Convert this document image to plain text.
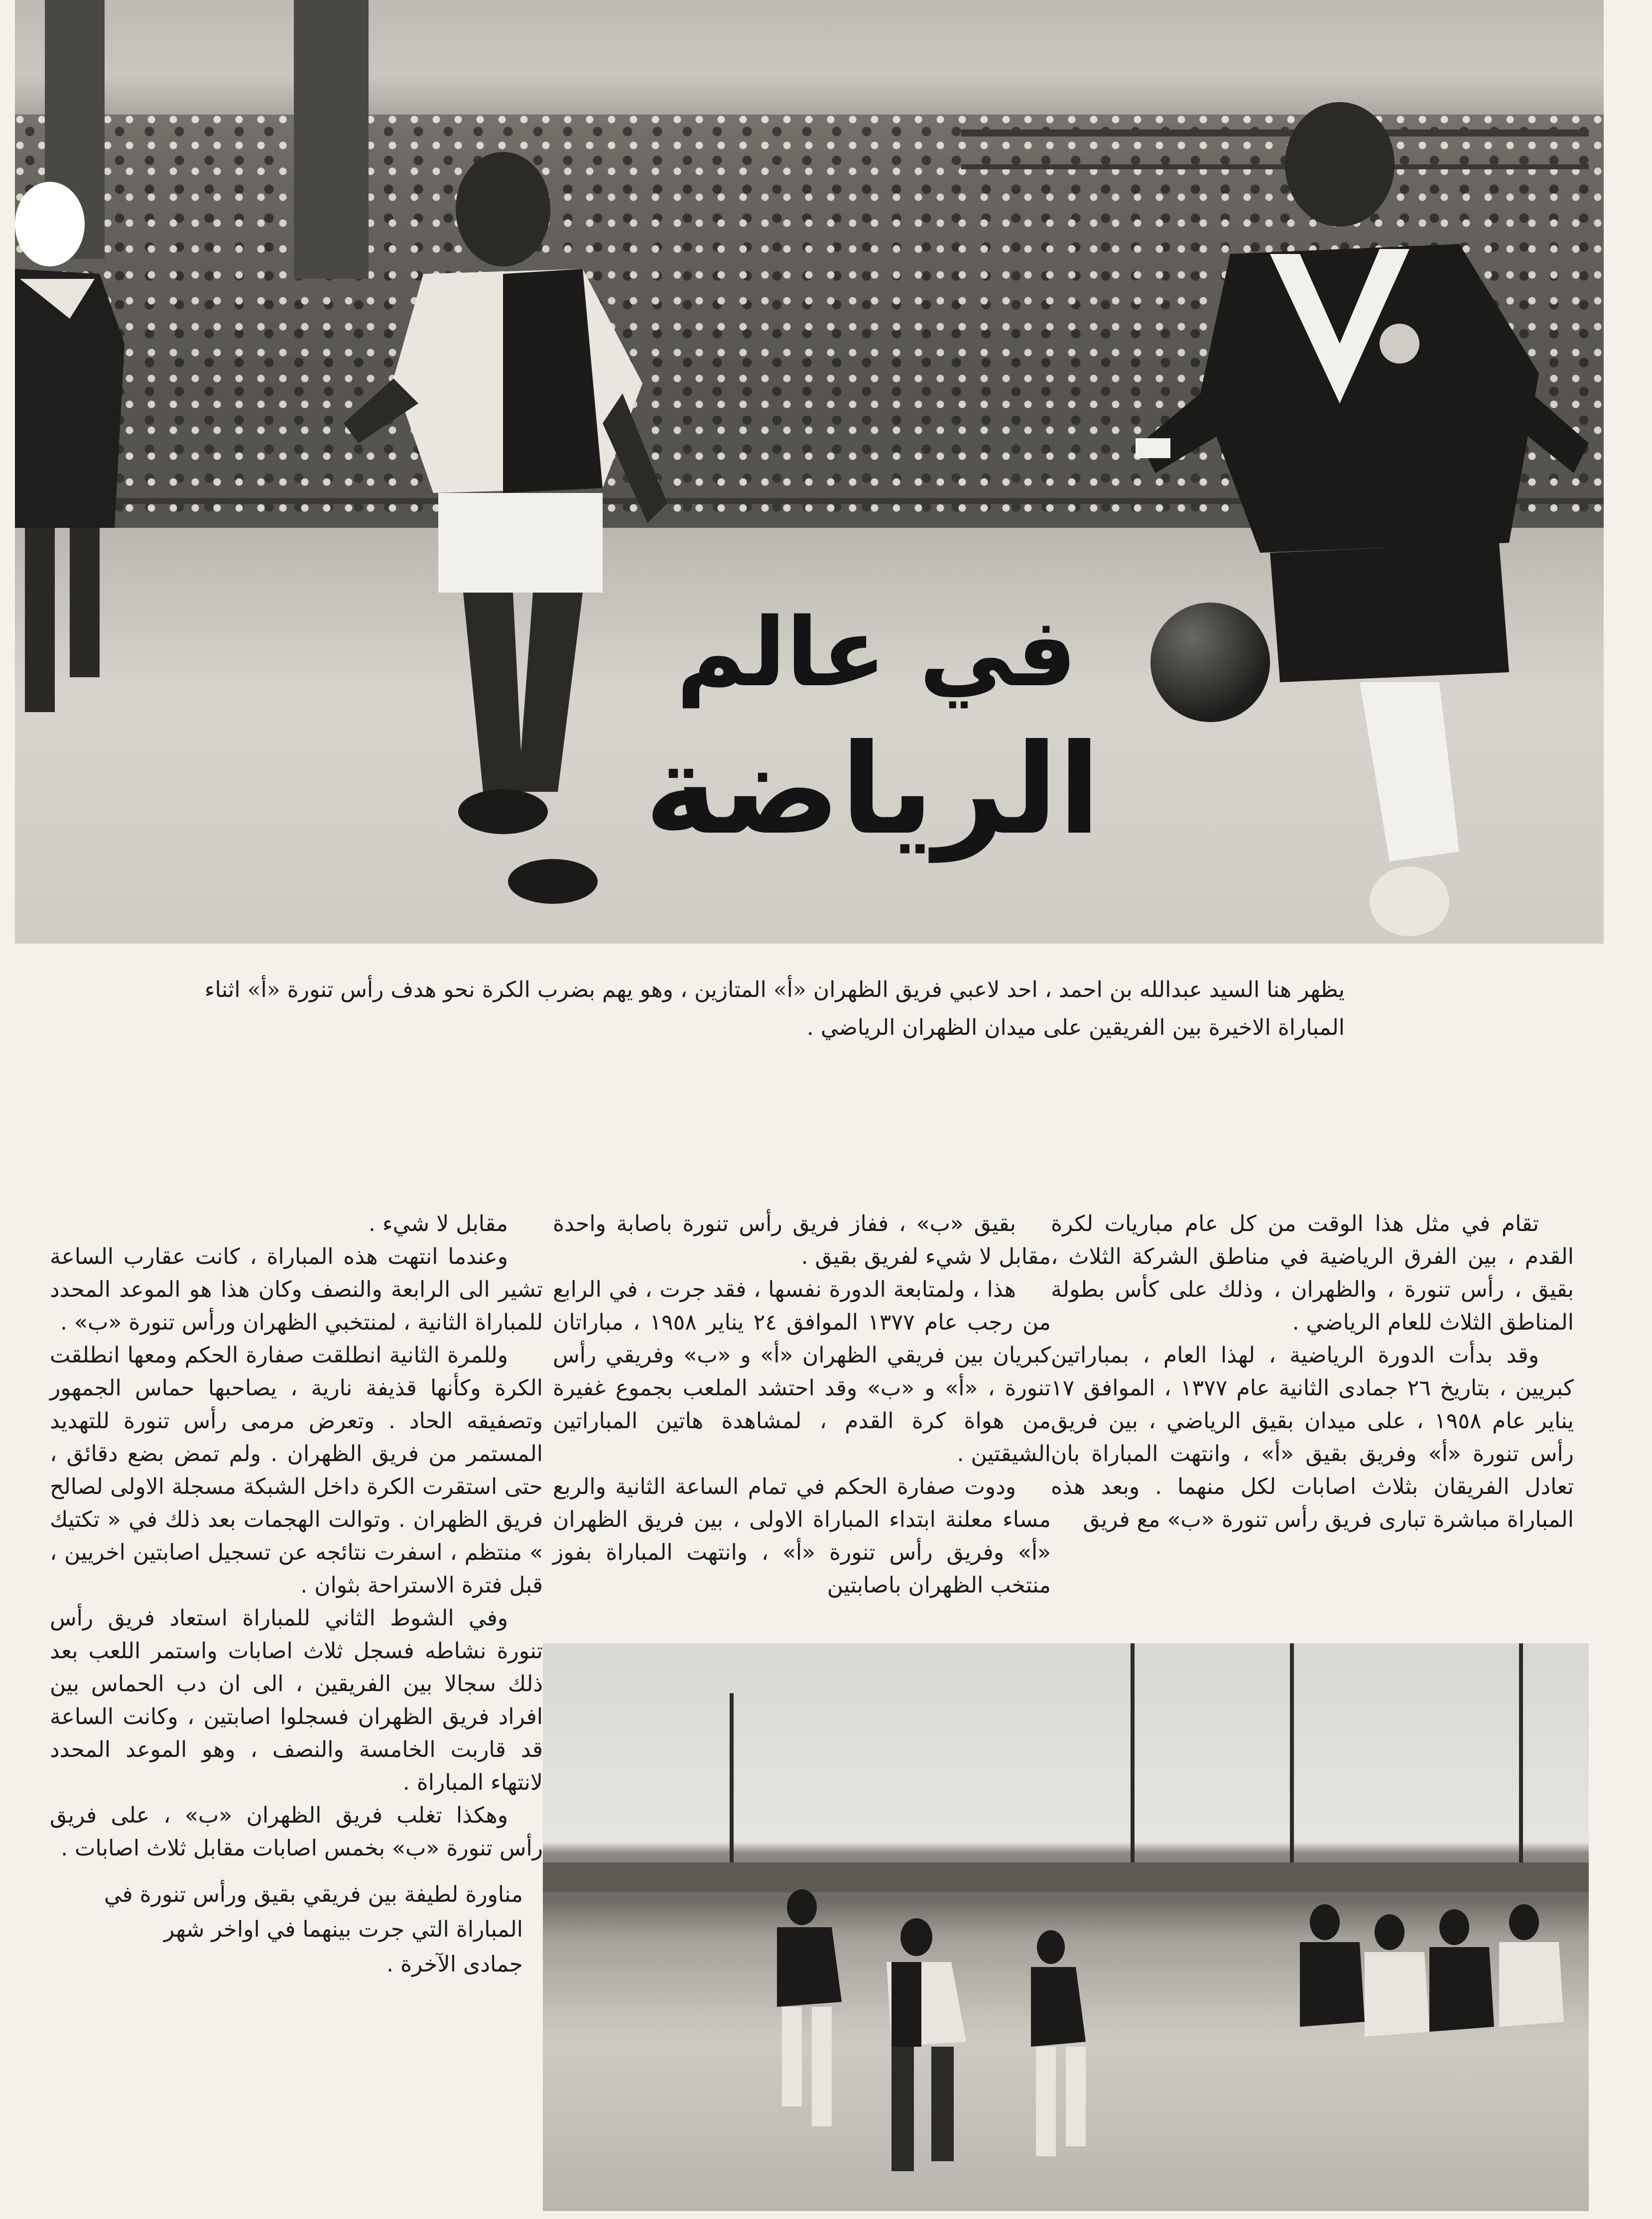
في عالم
الرياضة
يظهر هنا السيد عبدالله بن احمد ، احد لاعبي فريق الظهران «أ» المتازين ، وهو يهم بضرب الكرة نحو هدف رأس تنورة «أ» اثناء المباراة الاخيرة بين الفريقين على ميدان الظهران الرياضي .

تقام في مثل هذا الوقت من كل عام مباريات لكرة القدم ، بين الفرق الرياضية في مناطق الشركة الثلاث ، بقيق ، رأس تنورة ، والظهران ، وذلك على كأس بطولة المناطق الثلاث للعام الرياضي .

وقد بدأت الدورة الرياضية ، لهذا العام ، بمباراتين كبريين ، بتاريخ ٢٦ جمادى الثانية عام ١٣٧٧ ، الموافق ١٧ يناير عام ١٩٥٨ ، على ميدان بقيق الرياضي ، بين فريق رأس تنورة «أ» وفريق بقيق «أ» ، وانتهت المباراة بان تعادل الفريقان بثلاث اصابات لكل منهما . وبعد هذه المباراة مباشرة تبارى فريق رأس تنورة «ب» مع فريق

بقيق «ب» ، ففاز فريق رأس تنورة باصابة واحدة مقابل لا شيء لفريق بقيق .

هذا ، ولمتابعة الدورة نفسها ، فقد جرت ، في الرابع من رجب عام ١٣٧٧ الموافق ٢٤ يناير ١٩٥٨ ، مباراتان كبريان بين فريقي الظهران «أ» و «ب» وفريقي رأس تنورة ، «أ» و «ب» وقد احتشد الملعب بجموع غفيرة من هواة كرة القدم ، لمشاهدة هاتين المباراتين الشيقتين .

ودوت صفارة الحكم في تمام الساعة الثانية والربع مساء معلنة ابتداء المباراة الاولى ، بين فريق الظهران «أ» وفريق رأس تنورة «أ» ، وانتهت المباراة بفوز منتخب الظهران باصابتين

مقابل لا شيء .

وعندما انتهت هذه المباراة ، كانت عقارب الساعة تشير الى الرابعة والنصف وكان هذا هو الموعد المحدد للمباراة الثانية ، لمنتخبي الظهران ورأس تنورة «ب» .

وللمرة الثانية انطلقت صفارة الحكم ومعها انطلقت الكرة وكأنها قذيفة نارية ، يصاحبها حماس الجمهور وتصفيقه الحاد . وتعرض مرمى رأس تنورة للتهديد المستمر من فريق الظهران . ولم تمض بضع دقائق ، حتى استقرت الكرة داخل الشبكة مسجلة الاولى لصالح فريق الظهران . وتوالت الهجمات بعد ذلك في « تكتيك » منتظم ، اسفرت نتائجه عن تسجيل اصابتين اخريين ، قبل فترة الاستراحة بثوان .

وفي الشوط الثاني للمباراة استعاد فريق رأس تنورة نشاطه فسجل ثلاث اصابات واستمر اللعب بعد ذلك سجالا بين الفريقين ، الى ان دب الحماس بين افراد فريق الظهران فسجلوا اصابتين ، وكانت الساعة قد قاربت الخامسة والنصف ، وهو الموعد المحدد لانتهاء المباراة .

وهكذا تغلب فريق الظهران «ب» ، على فريق رأس تنورة «ب» بخمس اصابات مقابل ثلاث اصابات .

مناورة لطيفة بين فريقي بقيق ورأس تنورة في المباراة التي جرت بينهما في اواخر شهر جمادى الآخرة .
